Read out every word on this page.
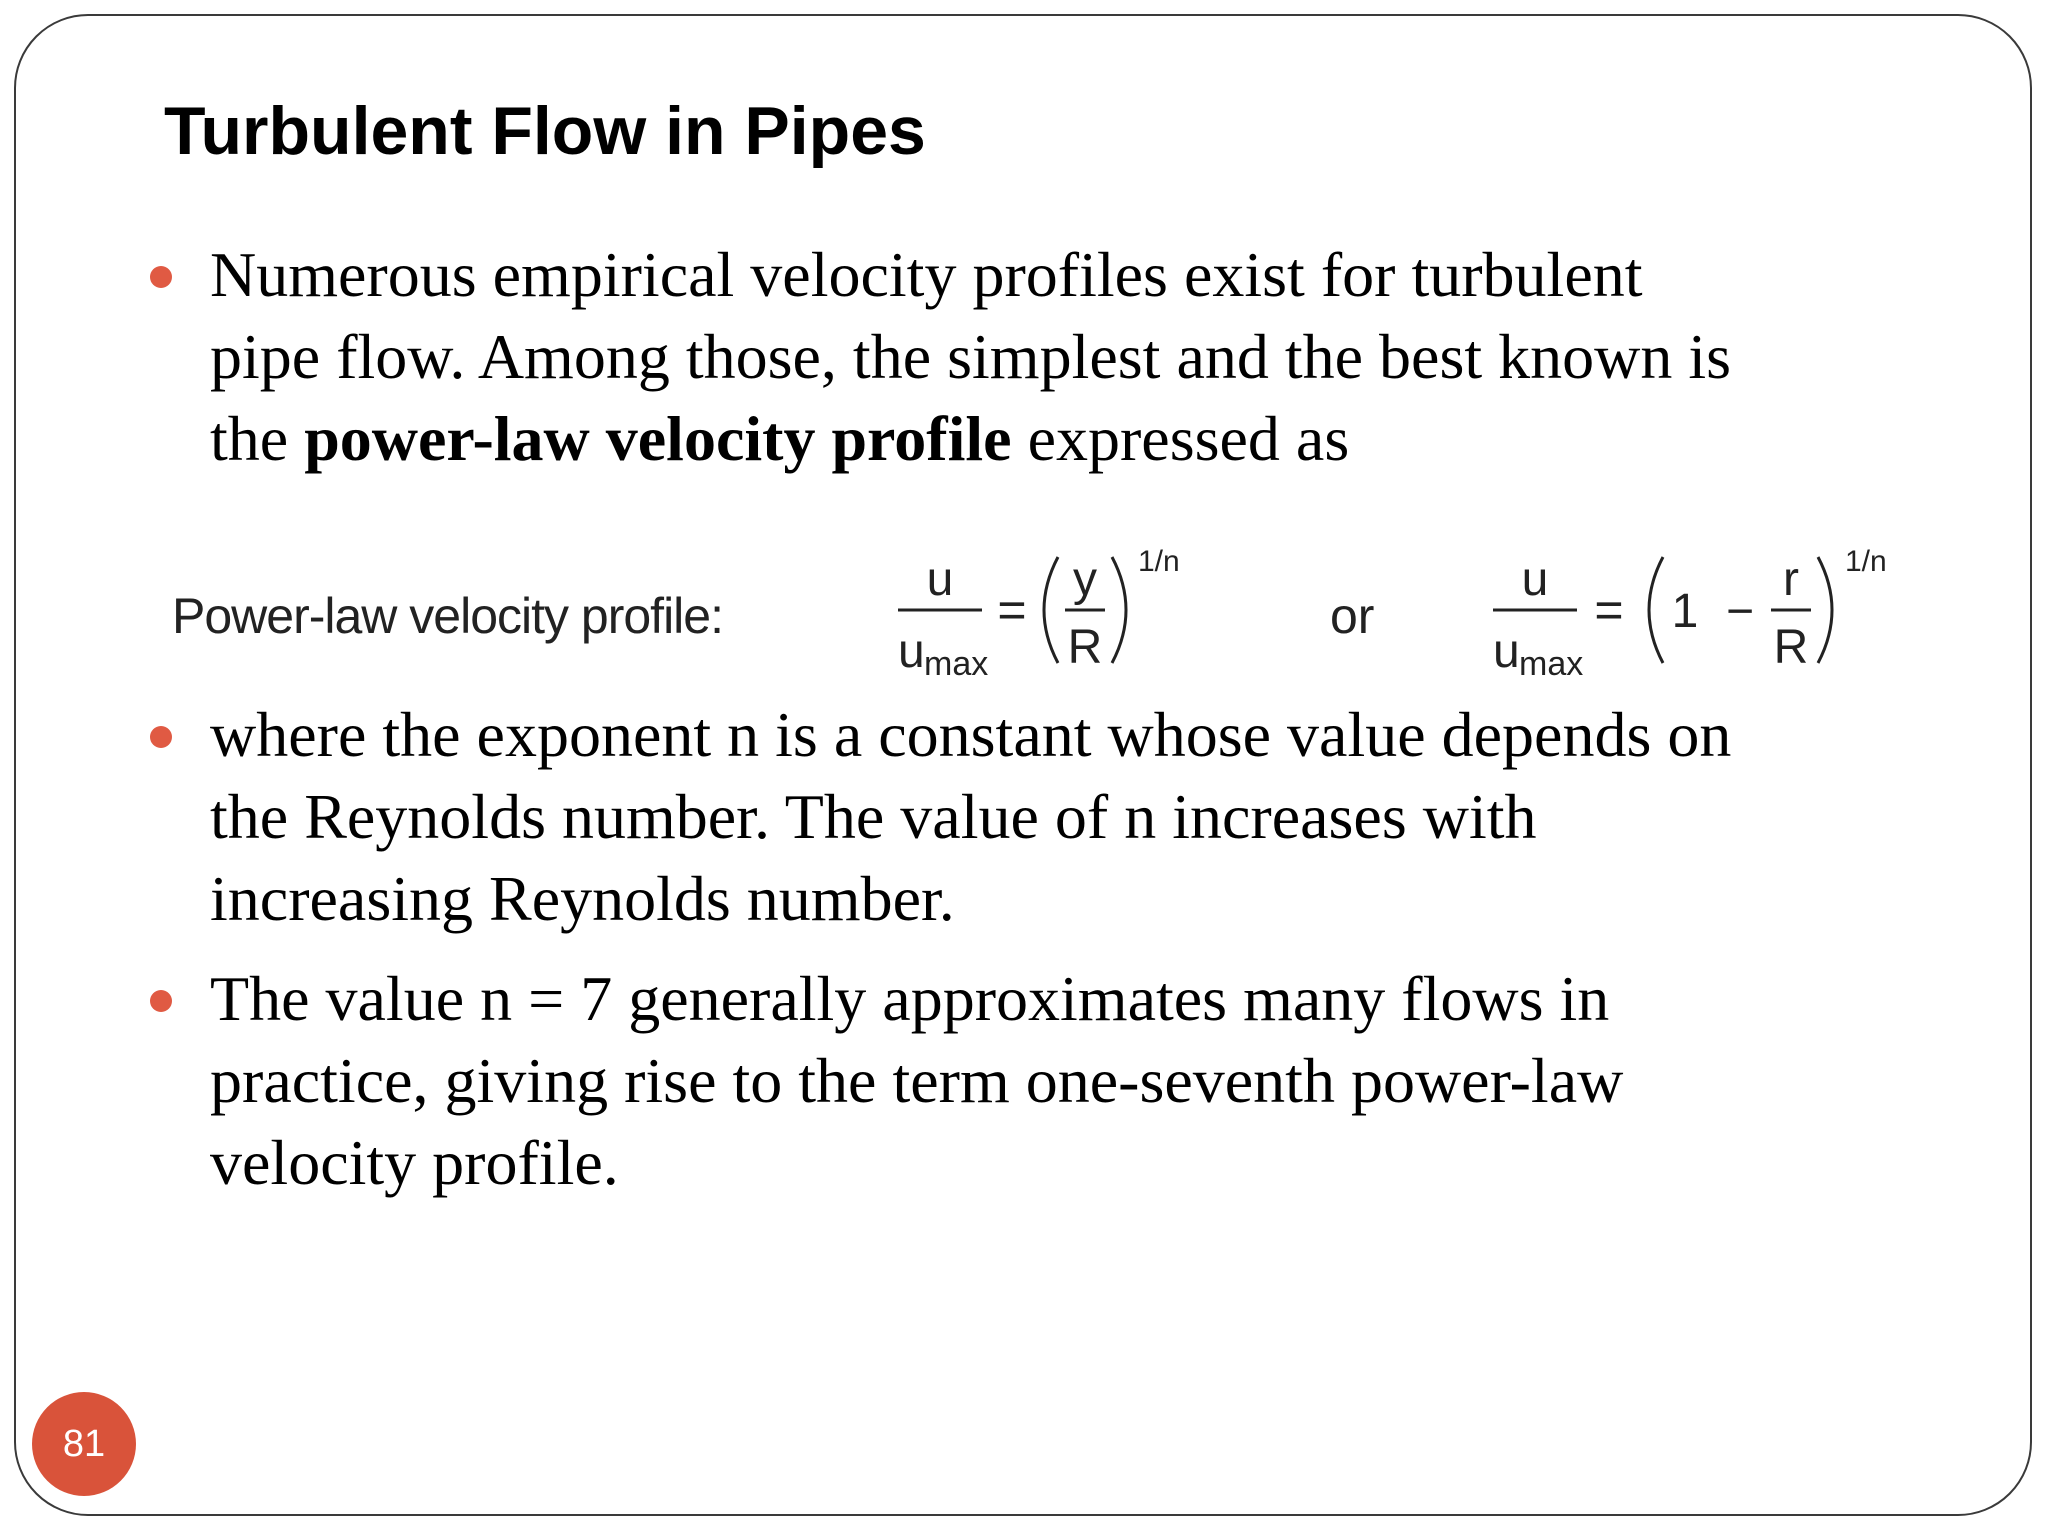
Turbulent Flow in Pipes
Numerous empirical velocity profiles exist for turbulent
pipe flow. Among those, the simplest and the best known is
the power-law velocity profile expressed as
Power-law velocity profile:
u
u max
=
y
R
1/n
or
u
u max
= 1 −
r
R
1/n
where the exponent n is a constant whose value depends on
the Reynolds number. The value of n increases with
increasing Reynolds number.
The value n = 7 generally approximates many flows in
practice, giving rise to the term one-seventh power-law
velocity profile.
81
